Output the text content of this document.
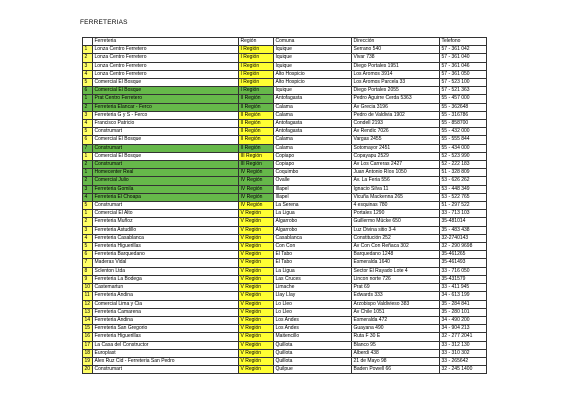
FERRETERIAS
	Ferreteria	Región	Comuna	Dirección	Telefono
1	Lonza Centro Ferretero	I Región	Iquique	Serrano 540	57 - 361 042
2	Lonza Centro Ferretero	I Región	Iquique	Vivar 738	57 - 361 040
3	Lonza Centro Ferretero	I Región	Iquique	Diego Portales 1951	57 - 361 046
4	Lonza Centro Ferretero	I Región	Alto Hospicio	Los Aromos 3914	57 - 361 050
5	Comercial El Bosque	I Región	Alto Hospicio	Los Aromos Parcela 33	57 - 523 100
6	Comercial El Bosque	I Región	Iquique	Diego Portales 2055	57 - 521 363
1	Prat Centro Ferretero	II Región	Antofagasta	Pedro Aguirre Cerda 5363	55 - 457 000
2	Ferreteria Elancar - Ferco	II Región	Calama	Av Grecia 3196	55 - 362648
3	Ferreteria G y S - Ferco	II Región	Calama	Pedro de Valdivia 1902	55 - 316786
4	Francisco Patricio	II Región	Antofagasta	Condell 2193	55 - 858700
5	Construmart	II Región	Antofagasta	Av Rendic 7026	55 - 432 000
6	Comercial El Bosque	II Región	Calama	Vargas 2455	55 - 555 844
7	Construmart	II Región	Calama	Sotomayor 2451	55 - 434 000
1	Comercial El Bosque	III Región	Copiapo	Copayapu 2529	52 - 523 990
2	Construmart	III Región	Copiapo	Av Los Carreras 2427	52 - 222 183
1	Homecenter Real	IV Región	Coquimbo	Juan Antonio Ríos 1050	51 - 328 809
2	Comercial Julio	IV Región	Ovalle	Av. La Feria 556	53 - 626 262
3	Ferreteria Gomila	IV Región	Illapel	Ignacio Silva 11	53 - 448 349
4	Ferreteria El Choapa	IV Región	Illapel	Vicuña Mackenna 265	53 - 522 765
5	Construmart	IV Región	La Serena	4 esquinas 780	51 - 297 522
1	Comercial El Alto	V Región	La Ligua	Portales 1290	33 - 713 103
2	Ferreteria Muñoz	V Región	Algarrobo	Guillermo Mücke 650	35-481014
3	Ferreteria Astudillo	V Región	Algarrobo	Luz Divina sitio 3-4	35 - 483 438
4	Ferreteria Casablanca	V Región	Casablanca	Constitución 252	32-2740143
5	Ferreteria Higuerillas	V Región	Con Con	Av Con Con Reñaca 302	32 - 290 9698
6	Ferreteria Barquedano	V Región	El Tabo	Barquedano 1248	35-461265
7	Maderas Vidal	V Región	El Tabo	Esmeralda 1640	35-461493
8	Sclenton Ltda	V Región	La Ligua	Sector El Rayado Lote 4	33 - 716 050
9	Ferreteria La Bodega	V Región	Las Cruces	Lincon norte 726	35-431579
10	Castemartun	V Región	Limache	Prat 69	33 - 411 945
11	Ferreteria Andina	V Región	Llay Llay	Edwards 333	34 - 613 199
12	Comercial Lima y Cia	V Región	Lo Lleo	Arzobispo Valdivieso 383	35 - 284 841
13	Ferreteria Camarena	V Región	Lo Lleo	Av Chile 1051	35 - 280 101
14	Ferreteria Andina	V Región	Los Andes	Esmeralda 472	34 - 490 200
15	Ferreteria San Gregorio	V Región	Los Andes	Guayana 490	34 - 904 213
16	Ferreteria Higuerillas	V Región	Maitencillo	Ruta F 30 E	32 - 277 2041
17	La Casa del Constructor	V Región	Quillota	Blanco 95	33 - 312 130
18	Europlast	V Región	Quillota	Alberdi 438	33 - 310 302
19	Alex Ruz Cid - Ferreteria San Pedro	V Región	Quillota	21 de Mayo 98	33 - 265642
20	Construmart	V Región	Quilpue	Baden Powell 66	32 - 245 1400
